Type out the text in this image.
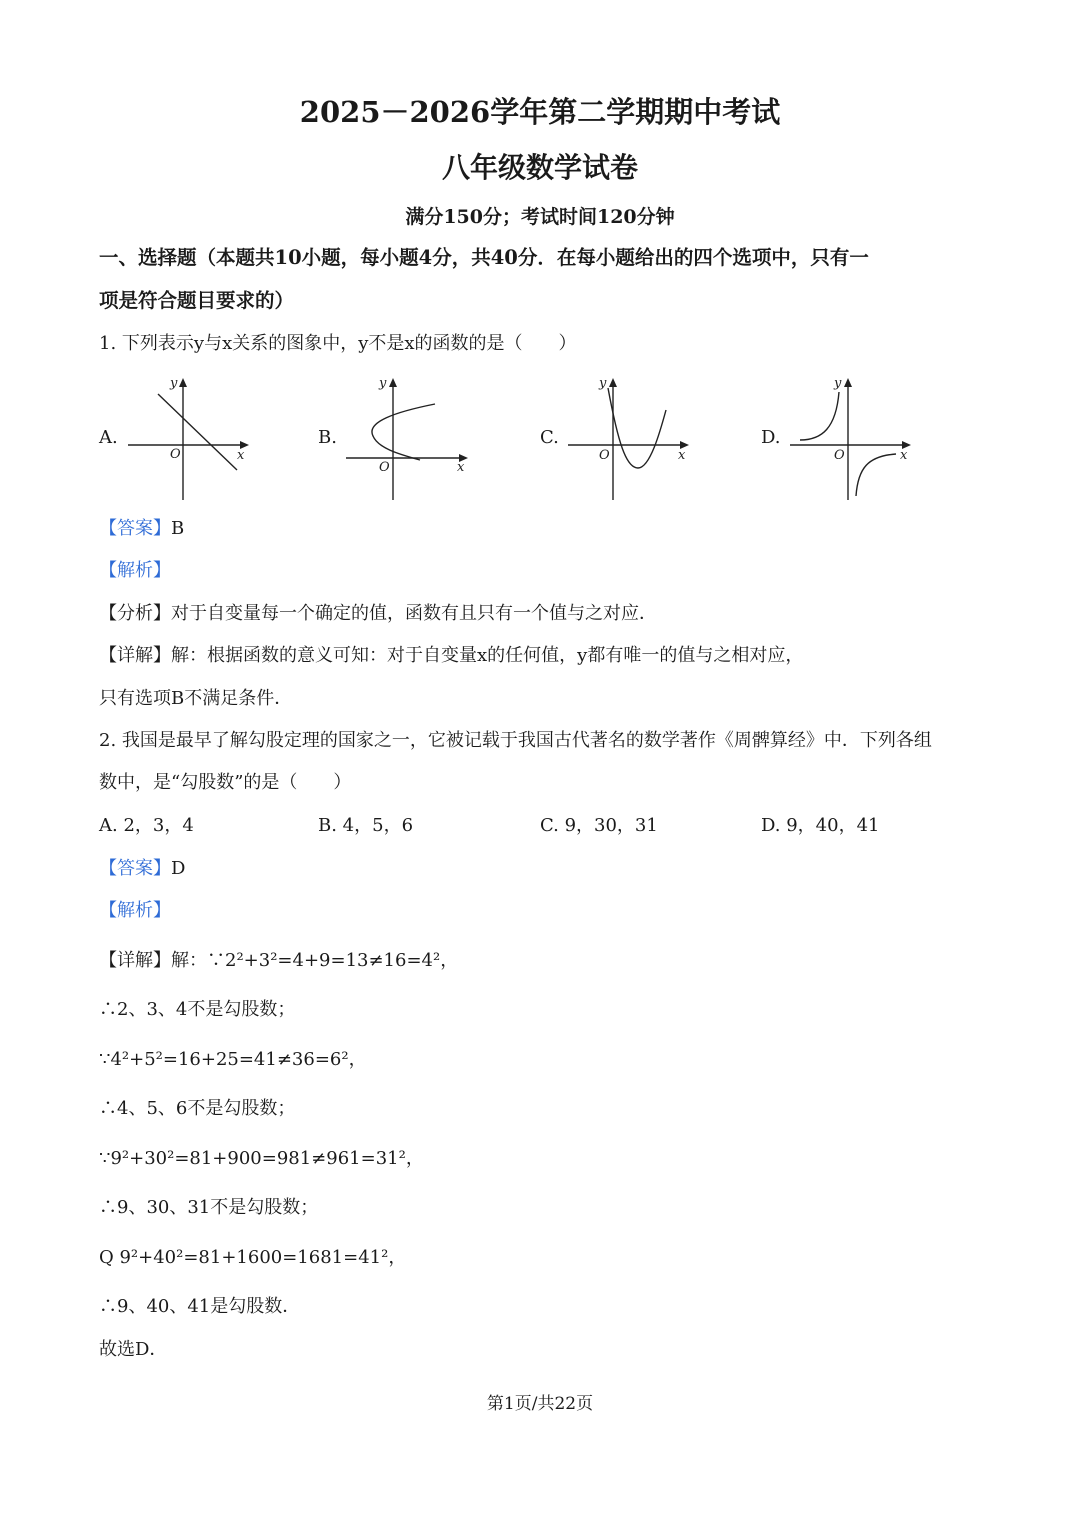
2025－2026学年第二学期期中考试
八年级数学试卷
满分150分；考试时间120分钟
一、选择题（本题共10小题，每小题4分，共40分．在每小题给出的四个选项中，只有一
项是符合题目要求的）
1. 下列表示y与x关系的图象中，y不是x的函数的是（　　）
A.	B.	C.	D.
y
x
O
y
x
O
y
x
O
y
x
O
【答案】B
【解析】
【分析】对于自变量每一个确定的值，函数有且只有一个值与之对应．
【详解】解：根据函数的意义可知：对于自变量x的任何值，y都有唯一的值与之相对应，
只有选项B不满足条件．
2. 我国是最早了解勾股定理的国家之一，它被记载于我国古代著名的数学著作《周髀算经》中．下列各组
数中，是“勾股数”的是（　　）
A. 2，3，4	B. 4，5，6	C. 9，30，31	D. 9，40，41
【答案】D
【解析】
【详解】解：∵2²+3²=4+9=13≠16=4²，
∴2、3、4不是勾股数；
∵4²+5²=16+25=41≠36=6²，
∴4、5、6不是勾股数；
∵9²+30²=81+900=981≠961=31²，
∴9、30、31不是勾股数；
Q 9²+40²=81+1600=1681=41²，
∴9、40、41是勾股数．
故选D．
第1页/共22页
